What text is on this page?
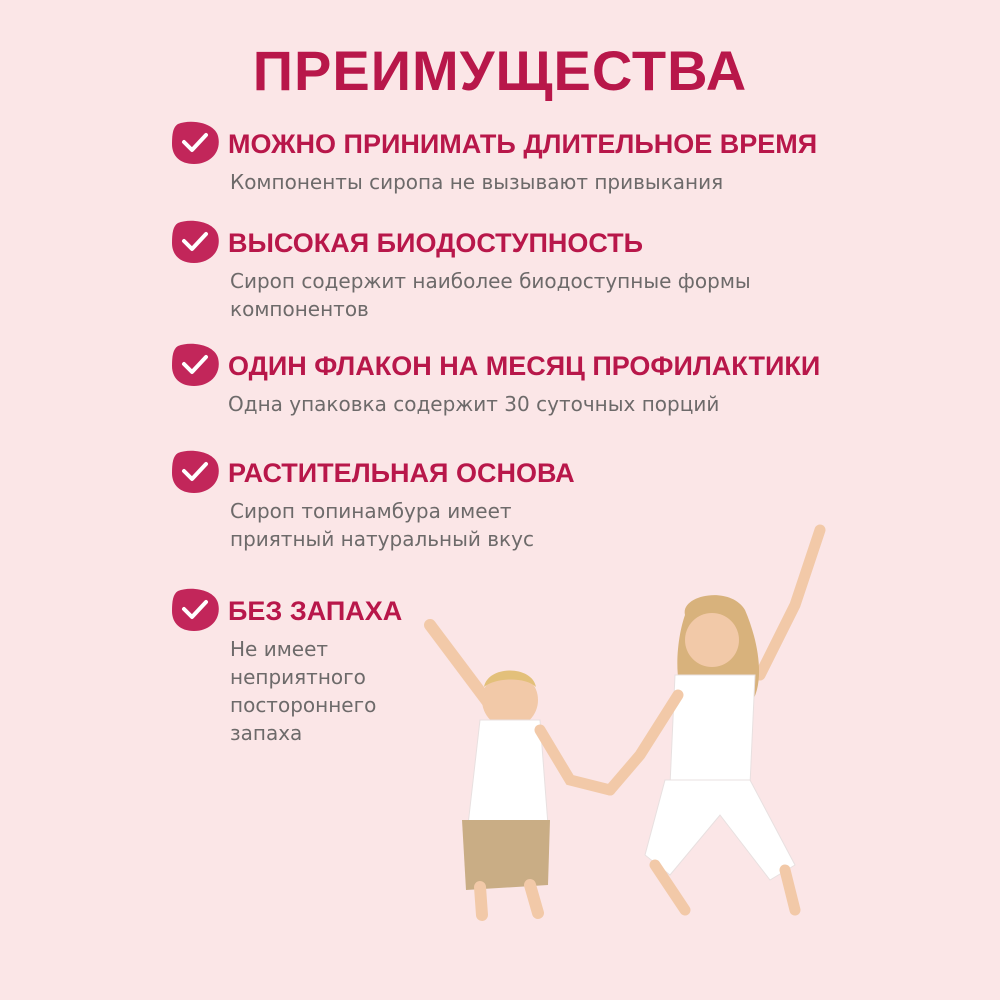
ПРЕИМУЩЕСТВА
МОЖНО ПРИНИМАТЬ ДЛИТЕЛЬНОЕ ВРЕМЯ
Компоненты сиропа не вызывают привыкания
ВЫСОКАЯ БИОДОСТУПНОСТЬ
Сироп содержит наиболее биодоступные формы
компонентов
ОДИН ФЛАКОН НА МЕСЯЦ ПРОФИЛАКТИКИ
Одна упаковка содержит 30 суточных порций
РАСТИТЕЛЬНАЯ ОСНОВА
Сироп топинамбура имеет
приятный натуральный вкус
БЕЗ ЗАПАХА
Не имеет
неприятного
постороннего
запаха
